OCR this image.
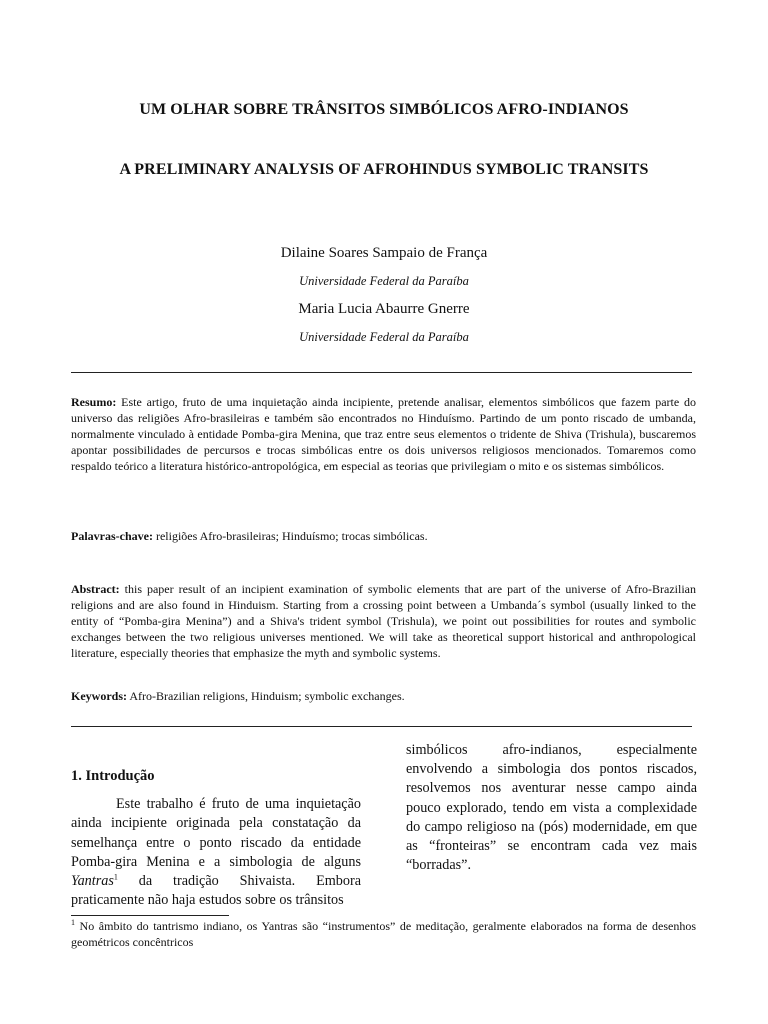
UM OLHAR SOBRE TRÂNSITOS SIMBÓLICOS AFRO-INDIANOS
A PRELIMINARY ANALYSIS OF AFROHINDUS SYMBOLIC TRANSITS
Dilaine Soares Sampaio de França
Universidade Federal da Paraíba
Maria Lucia Abaurre Gnerre
Universidade Federal da Paraíba
Resumo: Este artigo, fruto de uma inquietação ainda incipiente, pretende analisar, elementos simbólicos que fazem parte do universo das religiões Afro-brasileiras e também são encontrados no Hinduísmo. Partindo de um ponto riscado de umbanda, normalmente vinculado à entidade Pomba-gira Menina, que traz entre seus elementos o tridente de Shiva (Trishula), buscaremos apontar possibilidades de percursos e trocas simbólicas entre os dois universos religiosos mencionados. Tomaremos como respaldo teórico a literatura histórico-antropológica, em especial as teorias que privilegiam o mito e os sistemas simbólicos.
Palavras-chave: religiões Afro-brasileiras; Hinduísmo; trocas simbólicas.
Abstract: this paper result of an incipient examination of symbolic elements that are part of the universe of Afro-Brazilian religions and are also found in Hinduism. Starting from a crossing point between a Umbanda´s symbol (usually linked to the entity of “Pomba-gira Menina”) and a Shiva's trident symbol (Trishula), we point out possibilities for routes and symbolic exchanges between the two religious universes mentioned. We will take as theoretical support historical and anthropological literature, especially theories that emphasize the myth and symbolic systems.
Keywords: Afro-Brazilian religions, Hinduism; symbolic exchanges.
1. Introdução

Este trabalho é fruto de uma inquietação ainda incipiente originada pela constatação da semelhança entre o ponto riscado da entidade Pomba-gira Menina e a simbologia de alguns Yantras$^1$ da tradição Shivaista. Embora praticamente não haja estudos sobre os trânsitos

simbólicos afro-indianos, especialmente envolvendo a simbologia dos pontos riscados, resolvemos nos aventurar nesse campo ainda pouco explorado, tendo em vista a complexidade do campo religioso na (pós) modernidade, em que as “fronteiras” se encontram cada vez mais “borradas”.

$^1$ No âmbito do tantrismo indiano, os Yantras são “instrumentos” de meditação, geralmente elaborados na forma de desenhos geométricos concêntricos
